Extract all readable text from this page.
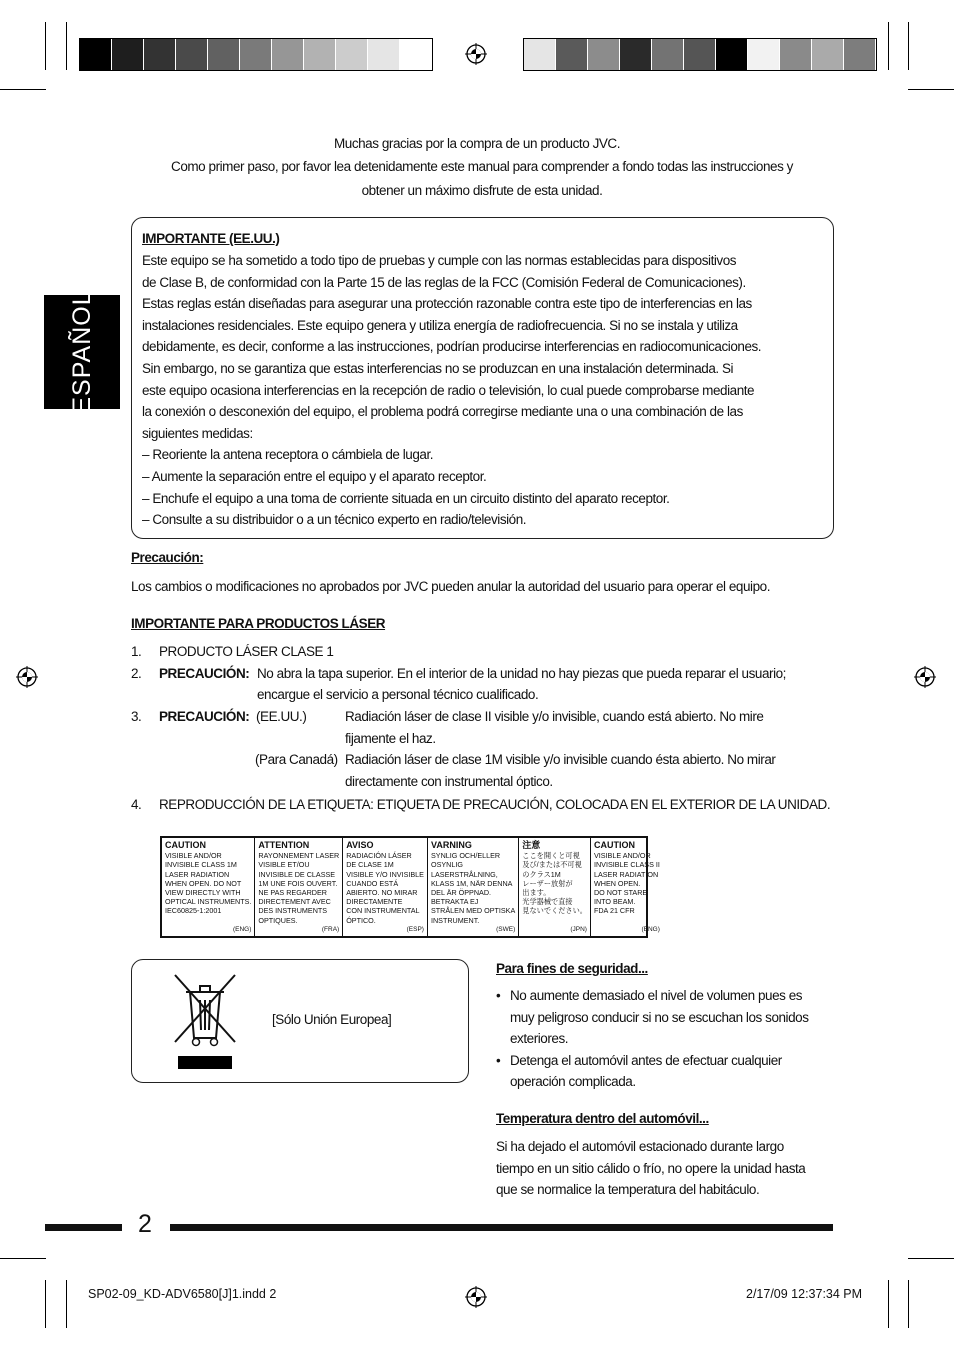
ESPAÑOL
Muchas gracias por la compra de un producto JVC.
Como primer paso, por favor lea detenidamente este manual para comprender a fondo todas las instrucciones y
obtener un máximo disfrute de esta unidad.
IMPORTANTE (EE.UU.)
Este equipo se ha sometido a todo tipo de pruebas y cumple con las normas establecidas para dispositivos
de Clase B, de conformidad con la Parte 15 de las reglas de la FCC (Comisión Federal de Comunicaciones).
Estas reglas están diseñadas para asegurar una protección razonable contra este tipo de interferencias en las
instalaciones residenciales. Este equipo genera y utiliza energía de radiofrecuencia. Si no se instala y utiliza
debidamente, es decir, conforme a las instrucciones, podrían producirse interferencias en radiocomunicaciones.
Sin embargo, no se garantiza que estas interferencias no se produzcan en una instalación determinada. Si
este equipo ocasiona interferencias en la recepción de radio o televisión, lo cual puede comprobarse mediante
la conexión o desconexión del equipo, el problema podrá corregirse mediante una o una combinación de las
siguientes medidas:
– Reoriente la antena receptora o cámbiela de lugar.
– Aumente la separación entre el equipo y el aparato receptor.
– Enchufe el equipo a una toma de corriente situada en un circuito distinto del aparato receptor.
– Consulte a su distribuidor o a un técnico experto en radio/televisión.
Precaución:
Los cambios o modificaciones no aprobados por JVC pueden anular la autoridad del usuario para operar el equipo.
IMPORTANTE PARA PRODUCTOS LÁSER
1. PRODUCTO LÁSER CLASE 1
2. PRECAUCIÓN: No abra la tapa superior. En el interior de la unidad no hay piezas que pueda reparar el usuario;
encargue el servicio a personal técnico cualificado.
3. PRECAUCIÓN: (EE.UU.)	Radiación láser de clase II visible y/o invisible, cuando está abierto. No mire
fijamente el haz.
(Para Canadá) Radiación láser de clase 1M visible y/o invisible cuando ésta abierto. No mirar
directamente con instrumental óptico.
4. REPRODUCCIÓN DE LA ETIQUETA: ETIQUETA DE PRECAUCIÓN, COLOCADA EN EL EXTERIOR DE LA UNIDAD.
CAUTION
VISIBLE AND/OR
INVISIBLE CLASS 1M
LASER RADIATION
WHEN OPEN. DO NOT
VIEW DIRECTLY WITH
OPTICAL INSTRUMENTS.
IEC60825-1:2001
(ENG)
ATTENTION
RAYONNEMENT LASER
VISIBLE ET/OU
INVISIBLE DE CLASSE
1M UNE FOIS OUVERT.
NE PAS REGARDER
DIRECTEMENT AVEC
DES INSTRUMENTS
OPTIQUES.
(FRA)
AVISO
RADIACIÓN LÁSER
DE CLASE 1M
VISIBLE Y/O INVISIBLE
CUANDO ESTÁ
ABIERTO. NO MIRAR
DIRECTAMENTE
CON INSTRUMENTAL
ÓPTICO.
(ESP)
VARNING
SYNLIG OCH/ELLER
OSYNLIG
LASERSTRÅLNING,
KLASS 1M, NÄR DENNA
DEL ÄR ÖPPNAD.
BETRAKTA EJ
STRÅLEN MED OPTISKA
INSTRUMENT.
(SWE)
注意
ここを開くと可視
及び/または不可視
のクラス1M
レーザー放射が
出ます。
光学器械で直接
見ないでください。
(JPN)
CAUTION
VISIBLE AND/OR
INVISIBLE CLASS II
LASER RADIATION
WHEN OPEN.
DO NOT STARE
INTO BEAM.
FDA 21 CFR
(ENG)
[Sólo Unión Europea]
Para fines de seguridad...
• No aumente demasiado el nivel de volumen pues es
muy peligroso conducir si no se escuchan los sonidos
exteriores.
• Detenga el automóvil antes de efectuar cualquier
operación complicada.
Temperatura dentro del automóvil...
Si ha dejado el automóvil estacionado durante largo
tiempo en un sitio cálido o frío, no opere la unidad hasta
que se normalice la temperatura del habitáculo.
2
SP02-09_KD-ADV6580[J]1.indd 2	2/17/09 12:37:34 PM
